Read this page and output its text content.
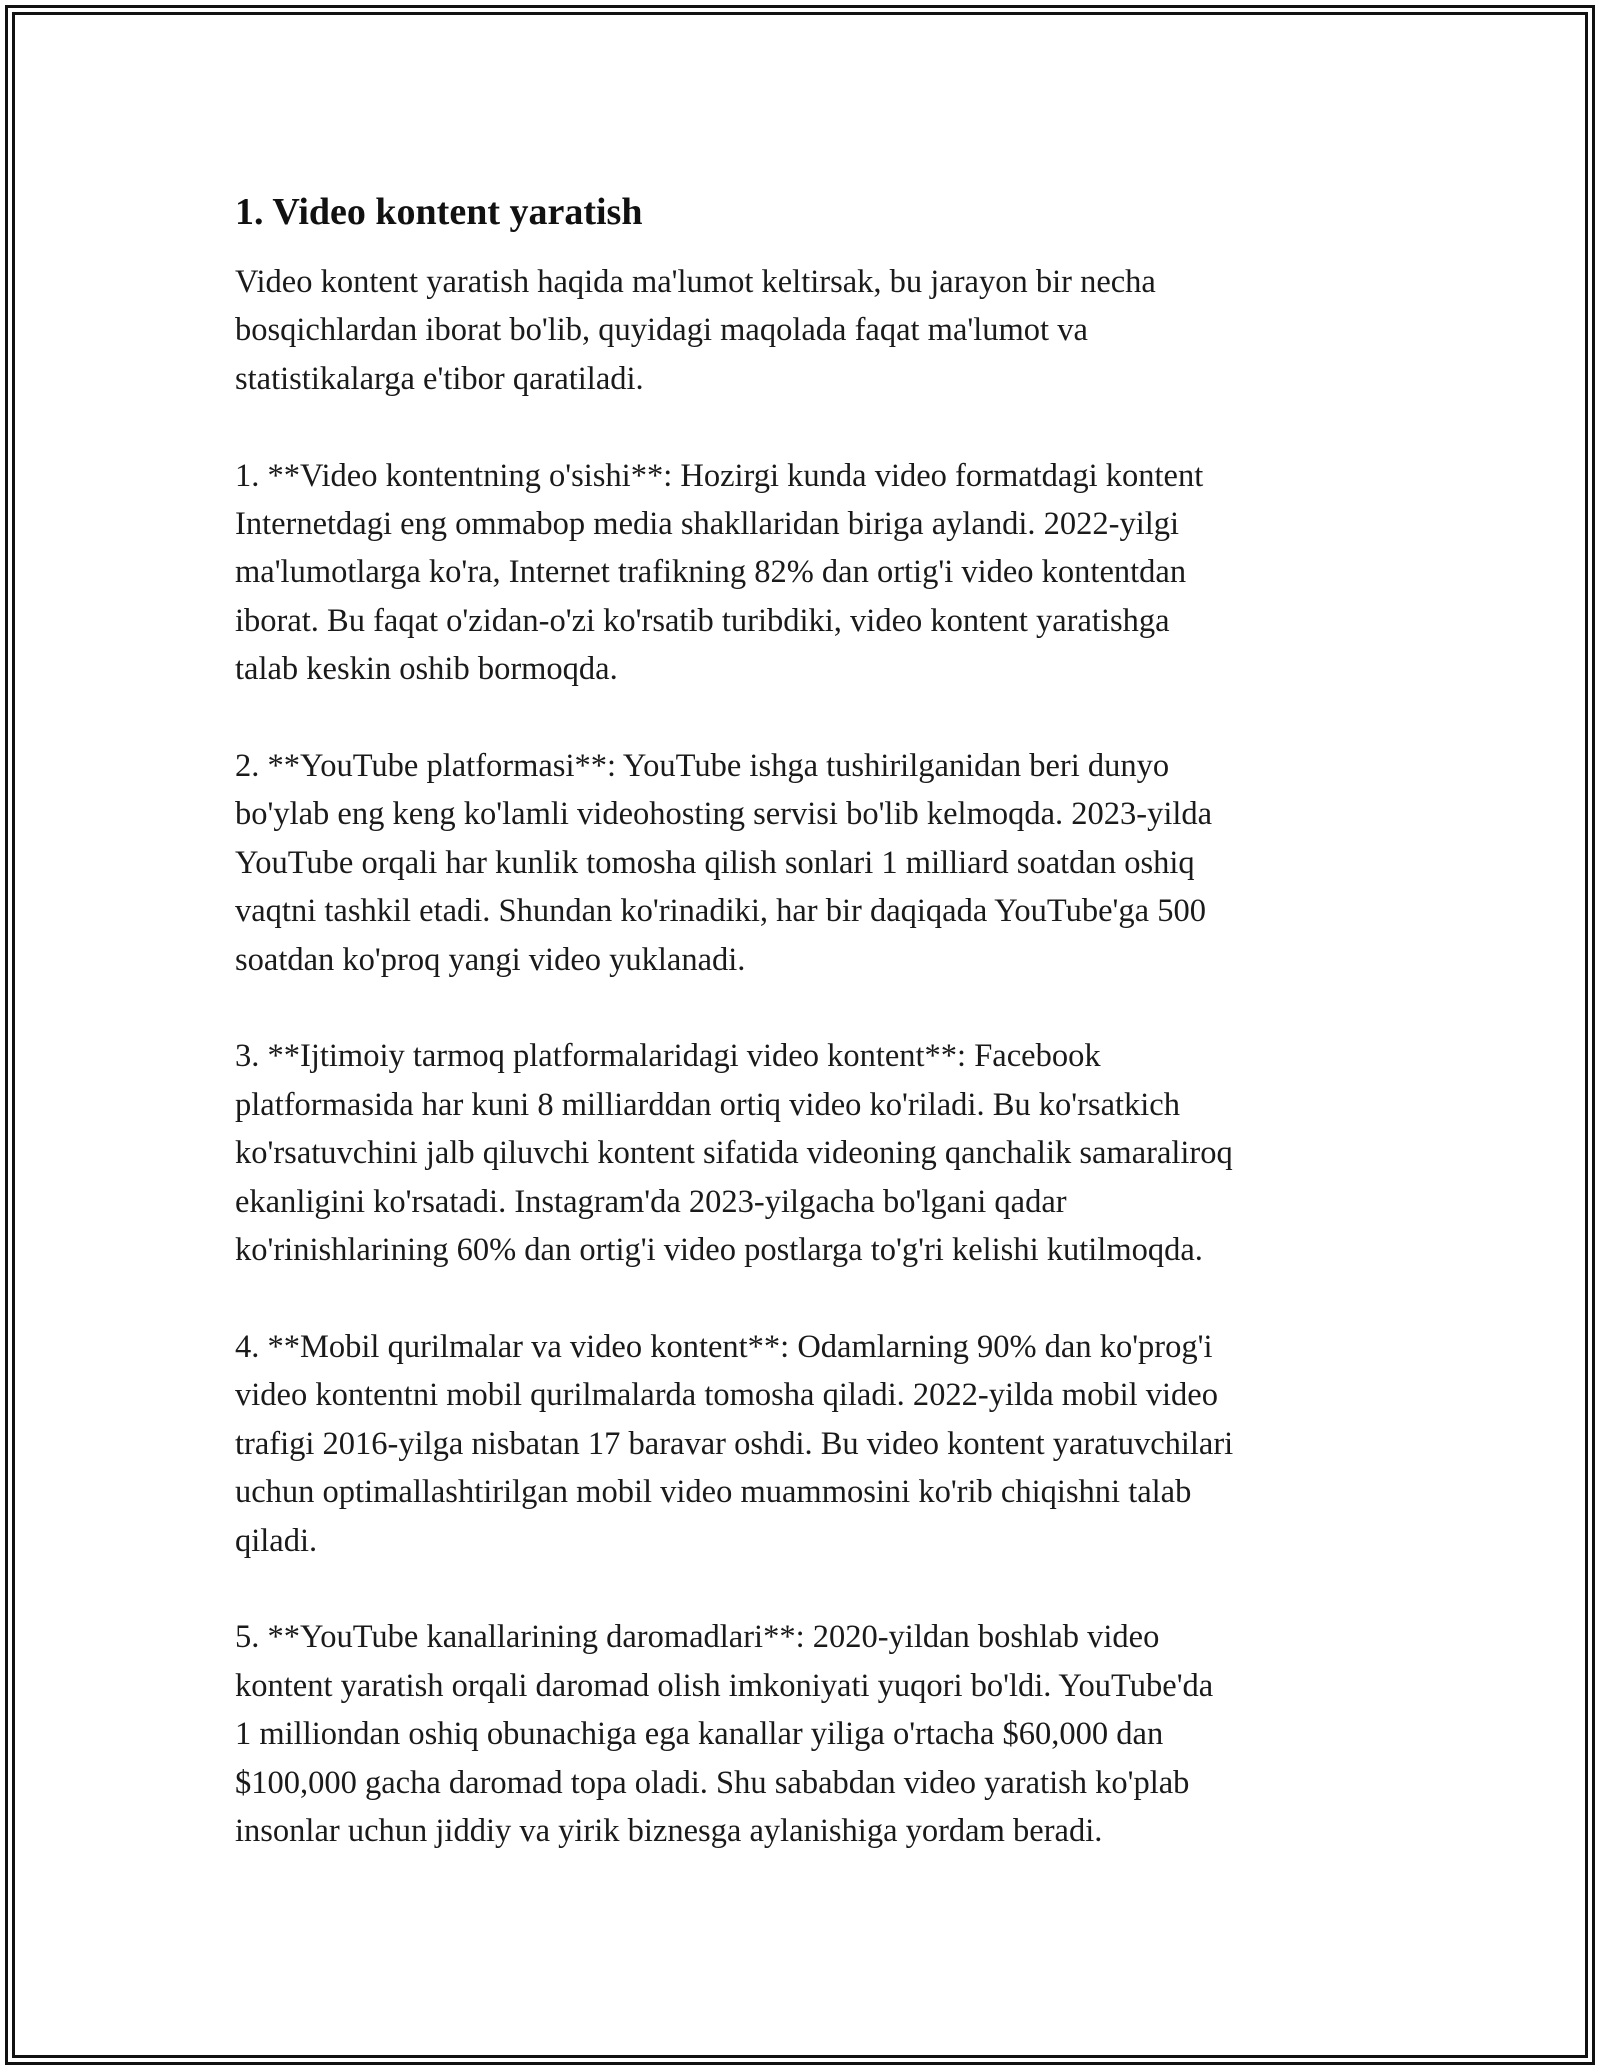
1. Video kontent yaratish

Video kontent yaratish haqida ma'lumot keltirsak, bu jarayon bir necha
bosqichlardan iborat bo'lib, quyidagi maqolada faqat ma'lumot va
statistikalarga e'tibor qaratiladi.

1. **Video kontentning o'sishi**: Hozirgi kunda video formatdagi kontent
Internetdagi eng ommabop media shakllaridan biriga aylandi. 2022-yilgi
ma'lumotlarga ko'ra, Internet trafikning 82% dan ortig'i video kontentdan
iborat. Bu faqat o'zidan-o'zi ko'rsatib turibdiki, video kontent yaratishga
talab keskin oshib bormoqda.

2. **YouTube platformasi**: YouTube ishga tushirilganidan beri dunyo
bo'ylab eng keng ko'lamli videohosting servisi bo'lib kelmoqda. 2023-yilda
YouTube orqali har kunlik tomosha qilish sonlari 1 milliard soatdan oshiq
vaqtni tashkil etadi. Shundan ko'rinadiki, har bir daqiqada YouTube'ga 500
soatdan ko'proq yangi video yuklanadi.

3. **Ijtimoiy tarmoq platformalaridagi video kontent**: Facebook
platformasida har kuni 8 milliarddan ortiq video ko'riladi. Bu ko'rsatkich
ko'rsatuvchini jalb qiluvchi kontent sifatida videoning qanchalik samaraliroq
ekanligini ko'rsatadi. Instagram'da 2023-yilgacha bo'lgani qadar
ko'rinishlarining 60% dan ortig'i video postlarga to'g'ri kelishi kutilmoqda.

4. **Mobil qurilmalar va video kontent**: Odamlarning 90% dan ko'prog'i
video kontentni mobil qurilmalarda tomosha qiladi. 2022-yilda mobil video
trafigi 2016-yilga nisbatan 17 baravar oshdi. Bu video kontent yaratuvchilari
uchun optimallashtirilgan mobil video muammosini ko'rib chiqishni talab
qiladi.

5. **YouTube kanallarining daromadlari**: 2020-yildan boshlab video
kontent yaratish orqali daromad olish imkoniyati yuqori bo'ldi. YouTube'da
1 milliondan oshiq obunachiga ega kanallar yiliga o'rtacha $60,000 dan
$100,000 gacha daromad topa oladi. Shu sababdan video yaratish ko'plab
insonlar uchun jiddiy va yirik biznesga aylanishiga yordam beradi.
